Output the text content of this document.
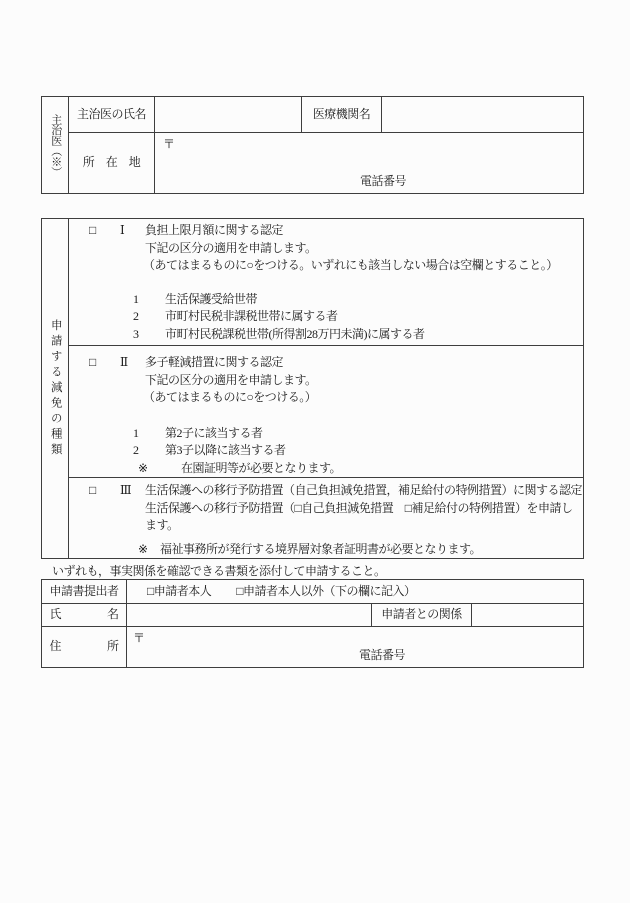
主治医（※）	主治医の氏名	医療機関名
所　在　地
〒
電話番号
申請する減免の種類
□ Ⅰ 負担上限月額に関する認定
下記の区分の適用を申請します。
（あてはまるものに○をつける。いずれにも該当しない場合は空欄とすること。）
1 生活保護受給世帯
2 市町村民税非課税世帯に属する者
3 市町村民税課税世帯(所得割28万円未満)に属する者
□ Ⅱ 多子軽減措置に関する認定
下記の区分の適用を申請します。
（あてはまるものに○をつける。）
1 第2子に該当する者
2 第3子以降に該当する者
※	在園証明等が必要となります。
□ Ⅲ 生活保護への移行予防措置（自己負担減免措置，補足給付の特例措置）に関する認定
生活保護への移行予防措置（□自己負担減免措置　□補足給付の特例措置）を申請します。
※ 福祉事務所が発行する境界層対象者証明書が必要となります。
いずれも，事実関係を確認できる書類を添付して申請すること。
申請書提出者 □申請者本人 □申請者本人以外（下の欄に記入）
氏　　　　名	申請者との関係
住　　　　所
〒
電話番号
